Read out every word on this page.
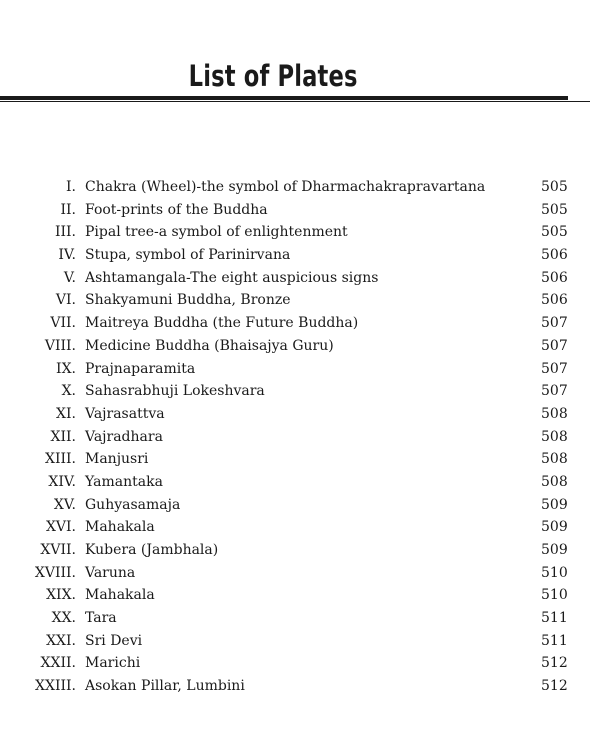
List of Plates
I. Chakra (Wheel)-the symbol of Dharmachakrapravartana	505
II. Foot-prints of the Buddha	505
III. Pipal tree-a symbol of enlightenment	505
IV. Stupa, symbol of Parinirvana	506
V. Ashtamangala-The eight auspicious signs	506
VI. Shakyamuni Buddha, Bronze	506
VII. Maitreya Buddha (the Future Buddha)	507
VIII. Medicine Buddha (Bhaisajya Guru)	507
IX. Prajnaparamita	507
X. Sahasrabhuji Lokeshvara	507
XI. Vajrasattva	508
XII. Vajradhara	508
XIII. Manjusri	508
XIV. Yamantaka	508
XV. Guhyasamaja	509
XVI. Mahakala	509
XVII. Kubera (Jambhala)	509
XVIII. Varuna	510
XIX. Mahakala	510
XX. Tara	511
XXI. Sri Devi	511
XXII. Marichi	512
XXIII. Asokan Pillar, Lumbini	512
